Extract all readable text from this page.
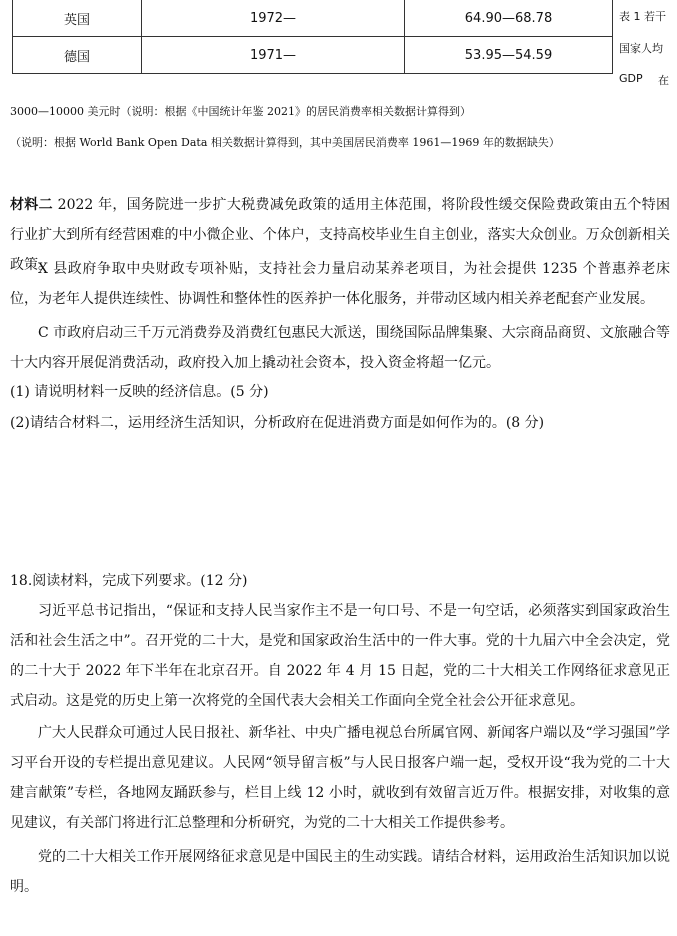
英国	1972—	64.90—68.78
德国	1971—	53.95—54.59
表 1 若干
国家人均
GDP 在
3000—10000 美元时（说明：根据《中国统计年鉴 2021》的居民消费率相关数据计算得到）
（说明：根据 World Bank Open Data 相关数据计算得到，其中美国居民消费率 1961—1969 年的数据缺失）

材料二 2022 年，国务院进一步扩大税费减免政策的适用主体范围，将阶段性缓交保险费政策由五个特困行业扩大到所有经营困难的中小微企业、个体户，支持高校毕业生自主创业，落实大众创业。万众创新相关政策。

X 县政府争取中央财政专项补贴，支持社会力量启动某养老项目，为社会提供 1235 个普惠养老床位，为老年人提供连续性、协调性和整体性的医养护一体化服务，并带动区域内相关养老配套产业发展。

C 市政府启动三千万元消费券及消费红包惠民大派送，围绕国际品牌集聚、大宗商品商贸、文旅融合等十大内容开展促消费活动，政府投入加上撬动社会资本，投入资金将超一亿元。

(1) 请说明材料一反映的经济信息。(5 分)
(2)请结合材料二，运用经济生活知识，分析政府在促进消费方面是如何作为的。(8 分)
18.阅读材料，完成下列要求。(12 分)

习近平总书记指出，“保证和支持人民当家作主不是一句口号、不是一句空话，必须落实到国家政治生活和社会生活之中”。召开党的二十大，是党和国家政治生活中的一件大事。党的十九届六中全会决定，党的二十大于 2022 年下半年在北京召开。自 2022 年 4 月 15 日起，党的二十大相关工作网络征求意见正式启动。这是党的历史上第一次将党的全国代表大会相关工作面向全党全社会公开征求意见。

广大人民群众可通过人民日报社、新华社、中央广播电视总台所属官网、新闻客户端以及“学习强国”学习平台开设的专栏提出意见建议。人民网“领导留言板”与人民日报客户端一起，受权开设“我为党的二十大建言献策”专栏，各地网友踊跃参与，栏目上线 12 小时，就收到有效留言近万件。根据安排，对收集的意见建议，有关部门将进行汇总整理和分析研究，为党的二十大相关工作提供参考。

党的二十大相关工作开展网络征求意见是中国民主的生动实践。请结合材料，运用政治生活知识加以说明。
